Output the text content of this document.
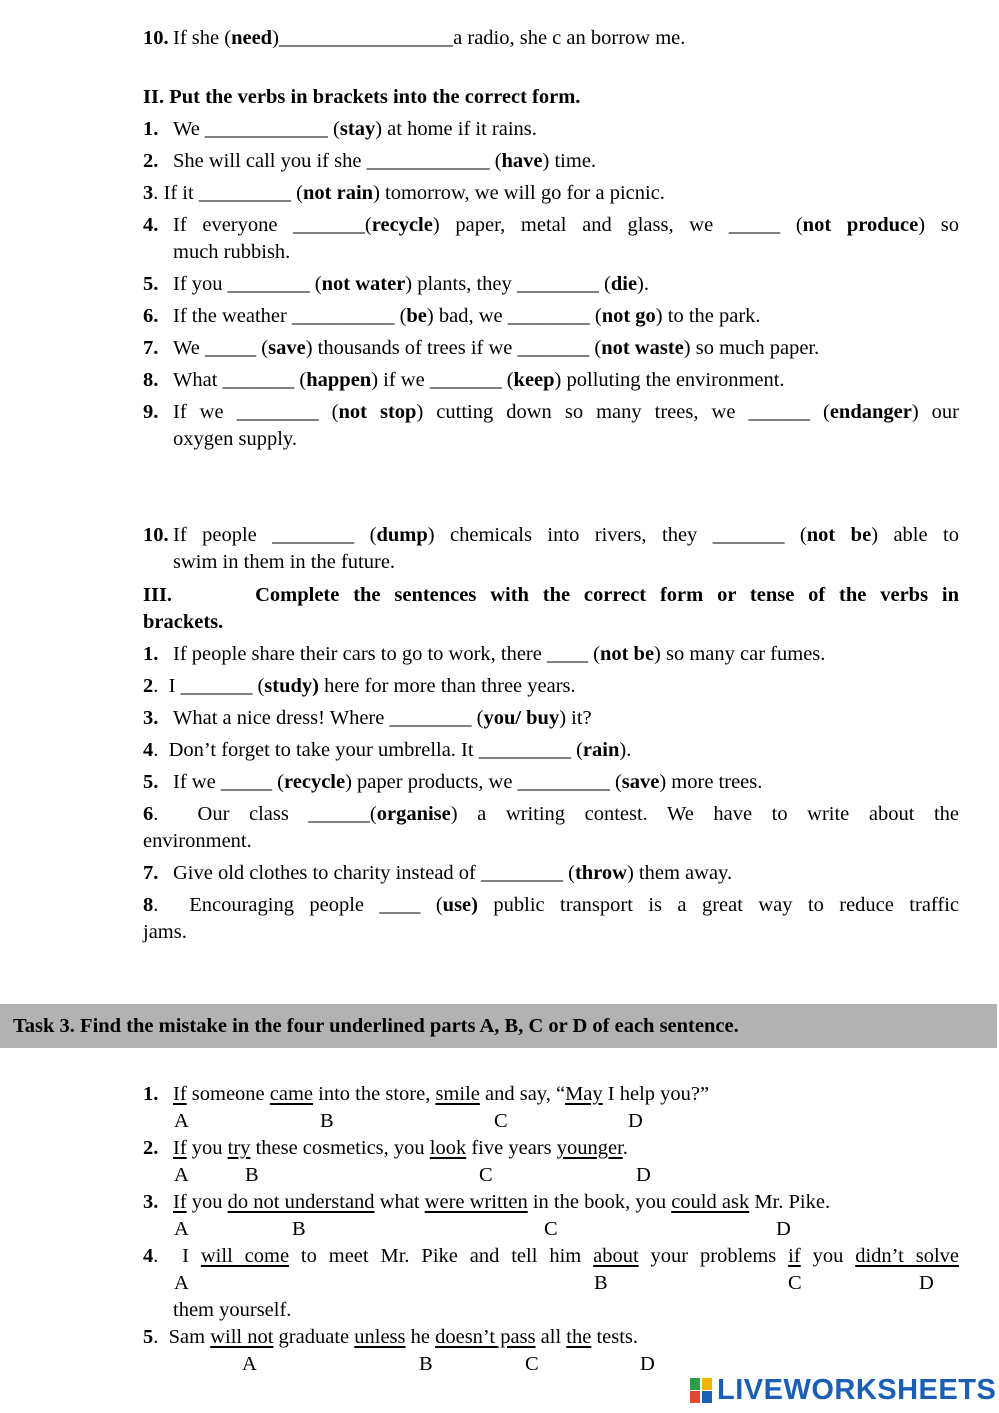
10. If she (need)_________________a radio, she c an borrow me.
II. Put the verbs in brackets into the correct form.
1. We ____________ (stay) at home if it rains.
2. She will call you if she ____________ (have) time.
3. If it _________ (not rain) tomorrow, we will go for a picnic.
4. If everyone _______(recycle) paper, metal and glass, we _____ (not produce) so
much rubbish.
5. If you ________ (not water) plants, they ________ (die).
6. If the weather __________ (be) bad, we ________ (not go) to the park.
7. We _____ (save) thousands of trees if we _______ (not waste) so much paper.
8. What _______ (happen) if we _______ (keep) polluting the environment.
9. If we ________ (not stop) cutting down so many trees, we ______ (endanger) our
oxygen supply.
10. If people ________ (dump) chemicals into rivers, they _______ (not be) able to
swim in them in the future.
III.      Complete the sentences with the correct form or tense of the verbs in
brackets.
1. If people share their cars to go to work, there ____ (not be) so many car fumes.
2.  I _______ (study) here for more than three years.
3. What a nice dress! Where ________ (you/ buy) it?
4.  Don’t forget to take your umbrella. It _________ (rain).
5. If we _____ (recycle) paper products, we _________ (save) more trees.
6.  Our class ______(organise) a writing contest. We have to write about the
environment.
7. Give old clothes to charity instead of ________ (throw) them away.
8.  Encouraging people ____ (use) public transport is a great way to reduce traffic
jams.
Task 3. Find the mistake in the four underlined parts A, B, C or D of each sentence.
1. If someone came into the store, smile and say, “May I help you?”
A	B	C	D
2. If you try these cosmetics, you look five years younger.
A	B	C	D
3. If you do not understand what were written in the book, you could ask Mr. Pike.
A	B	C	D
4.  I will come to meet Mr. Pike and tell him about your problems if you didn’t solve
A	B	C	D
them yourself.
5.  Sam will not graduate unless he doesn’t pass all the tests.
A	B	C	D
LIVEWORKSHEETS
